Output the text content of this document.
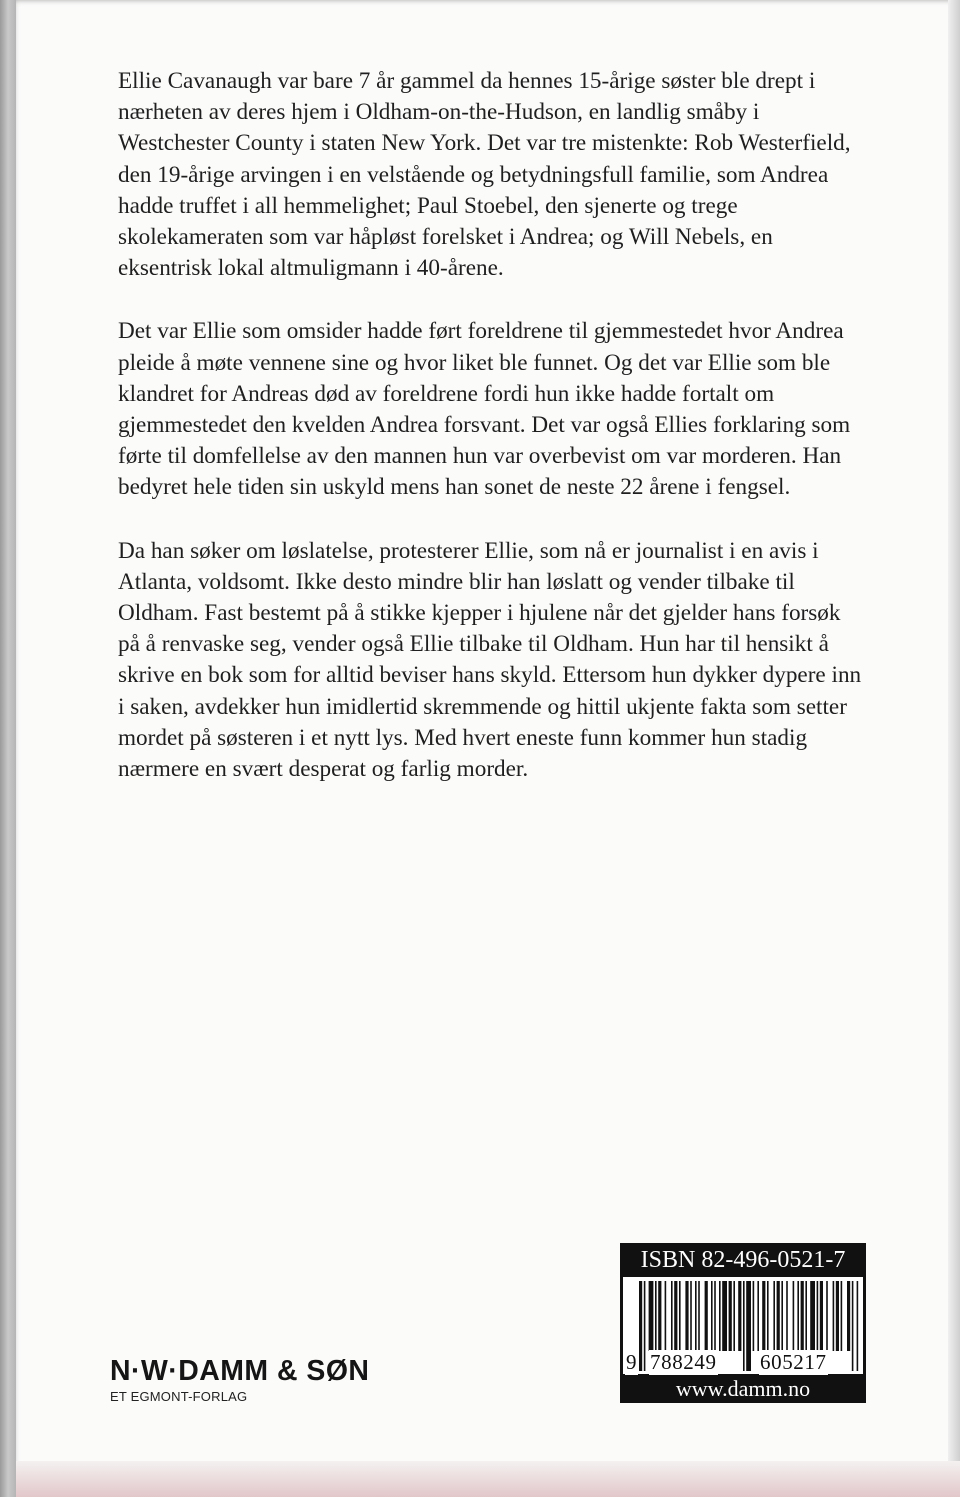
Ellie Cavanaugh var bare 7 år gammel da hennes 15-årige søster ble drept i nærheten av deres hjem i Oldham-on-the-Hudson, en landlig småby i Westchester County i staten New York. Det var tre mistenkte: Rob Westerfield, den 19-årige arvingen i en velstående og betydningsfull familie, som Andrea hadde truffet i all hemmelighet; Paul Stoebel, den sjenerte og trege skolekameraten som var håpløst forelsket i Andrea; og Will Nebels, en eksentrisk lokal altmuligmann i 40-årene.

Det var Ellie som omsider hadde ført foreldrene til gjemmestedet hvor Andrea pleide å møte vennene sine og hvor liket ble funnet. Og det var Ellie som ble klandret for Andreas død av foreldrene fordi hun ikke hadde fortalt om gjemmestedet den kvelden Andrea forsvant. Det var også Ellies forklaring som førte til domfellelse av den mannen hun var overbevist om var morderen. Han bedyret hele tiden sin uskyld mens han sonet de neste 22 årene i fengsel.

Da han søker om løslatelse, protesterer Ellie, som nå er journalist i en avis i Atlanta, voldsomt. Ikke desto mindre blir han løslatt og vender tilbake til Oldham. Fast bestemt på å stikke kjepper i hjulene når det gjelder hans forsøk på å renvaske seg, vender også Ellie tilbake til Oldham. Hun har til hensikt å skrive en bok som for alltid beviser hans skyld. Ettersom hun dykker dypere inn i saken, avdekker hun imidlertid skremmende og hittil ukjente fakta som setter mordet på søsteren i et nytt lys. Med hvert eneste funn kommer hun stadig nærmere en svært desperat og farlig morder.

N·W·DAMM & SØN
ET EGMONT-FORLAG
ISBN 82-496-0521-7
9 788249 605217
www.damm.no
